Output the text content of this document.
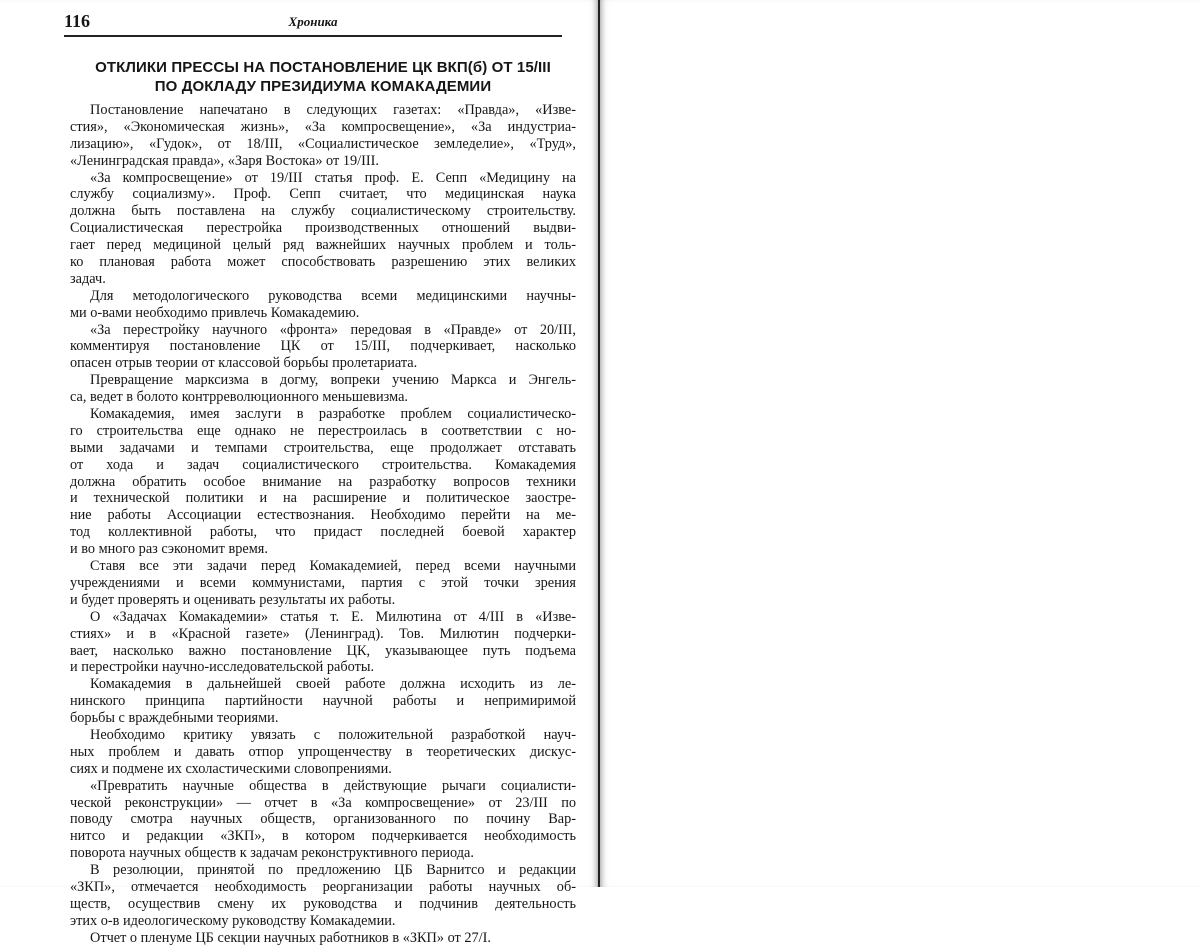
116	Хроника
ОТКЛИКИ ПРЕССЫ НА ПОСТАНОВЛЕНИЕ ЦК ВКП(б) ОТ 15/III
ПО ДОКЛАДУ ПРЕЗИДИУМА КОМАКАДЕМИИ
Постановление напечатано в следующих газетах: «Правда», «Изве-
стия», «Экономическая жизнь», «За компросвещение», «За индустриа-
лизацию», «Гудок», от 18/III, «Социалистическое земледелие», «Труд»,
«Ленинградская правда», «Заря Востока» от 19/III.
«За компросвещение» от 19/III статья проф. Е. Сепп «Медицину на
службу социализму». Проф. Сепп считает, что медицинская наука
должна быть поставлена на службу социалистическому строительству.
Социалистическая перестройка производственных отношений выдви-
гает перед медициной целый ряд важнейших научных проблем и толь-
ко плановая работа может способствовать разрешению этих великих
задач.
Для методологического руководства всеми медицинскими научны-
ми о-вами необходимо привлечь Комакадемию.
«За перестройку научного «фронта» передовая в «Правде» от 20/III,
комментируя постановление ЦК от 15/III, подчеркивает, насколько
опасен отрыв теории от классовой борьбы пролетариата.
Превращение марксизма в догму, вопреки учению Маркса и Энгель-
са, ведет в болото контрреволюционного меньшевизма.
Комакадемия, имея заслуги в разработке проблем социалистическо-
го строительства еще однако не перестроилась в соответствии с но-
выми задачами и темпами строительства, еще продолжает отставать
от хода и задач социалистического строительства. Комакадемия
должна обратить особое внимание на разработку вопросов техники
и технической политики и на расширение и политическое заостре-
ние работы Ассоциации естествознания. Необходимо перейти на ме-
тод коллективной работы, что придаст последней боевой характер
и во много раз сэкономит время.
Ставя все эти задачи перед Комакадемией, перед всеми научными
учреждениями и всеми коммунистами, партия с этой точки зрения
и будет проверять и оценивать результаты их работы.
О «Задачах Комакадемии» статья т. Е. Милютина от 4/III в «Изве-
стиях» и в «Красной газете» (Ленинград). Тов. Милютин подчерки-
вает, насколько важно постановление ЦК, указывающее путь подъема
и перестройки научно-исследовательской работы.
Комакадемия в дальнейшей своей работе должна исходить из ле-
нинского принципа партийности научной работы и непримиримой
борьбы с враждебными теориями.
Необходимо критику увязать с положительной разработкой науч-
ных проблем и давать отпор упрощенчеству в теоретических дискус-
сиях и подмене их схоластическими словопрениями.
«Превратить научные общества в действующие рычаги социалисти-
ческой реконструкции» — отчет в «За компросвещение» от 23/III по
поводу смотра научных обществ, организованного по почину Вар-
нитсо и редакции «ЗКП», в котором подчеркивается необходимость
поворота научных обществ к задачам реконструктивного периода.
В резолюции, принятой по предложению ЦБ Варнитсо и редакции
«ЗКП», отмечается необходимость реорганизации работы научных об-
ществ, осуществив смену их руководства и подчинив деятельность
этих о-в идеологическому руководству Комакадемии.
Отчет о пленуме ЦБ секции научных работников в «ЗКП» от 27/I.
